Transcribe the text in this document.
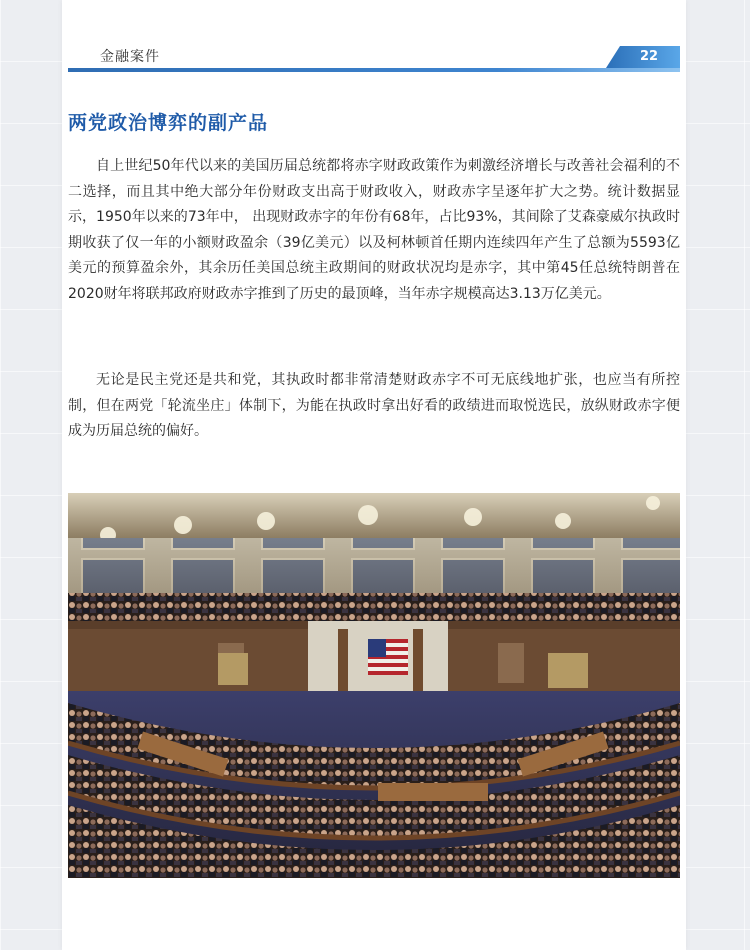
金融案件	22
两党政治博弈的副产品

自上世纪50年代以来的美国历届总统都将赤字财政政策作为刺激经济增长与改善社会福利的不二选择，而且其中绝大部分年份财政支出高于财政收入，财政赤字呈逐年扩大之势。统计数据显示，1950年以来的73年中， 出现财政赤字的年份有68年，占比93%，其间除了艾森豪威尔执政时期收获了仅一年的小额财政盈余（39亿美元）以及柯林顿首任期内连续四年产生了总额为5593亿美元的预算盈余外，其余历任美国总统主政期间的财政状况均是赤字，其中第45任总统特朗普在2020财年将联邦政府财政赤字推到了历史的最顶峰，当年赤字规模高达3.13万亿美元。

无论是民主党还是共和党，其执政时都非常清楚财政赤字不可无底线地扩张，也应当有所控制，但在两党「轮流坐庄」体制下，为能在执政时拿出好看的政绩进而取悦选民，放纵财政赤字便成为历届总统的偏好。
